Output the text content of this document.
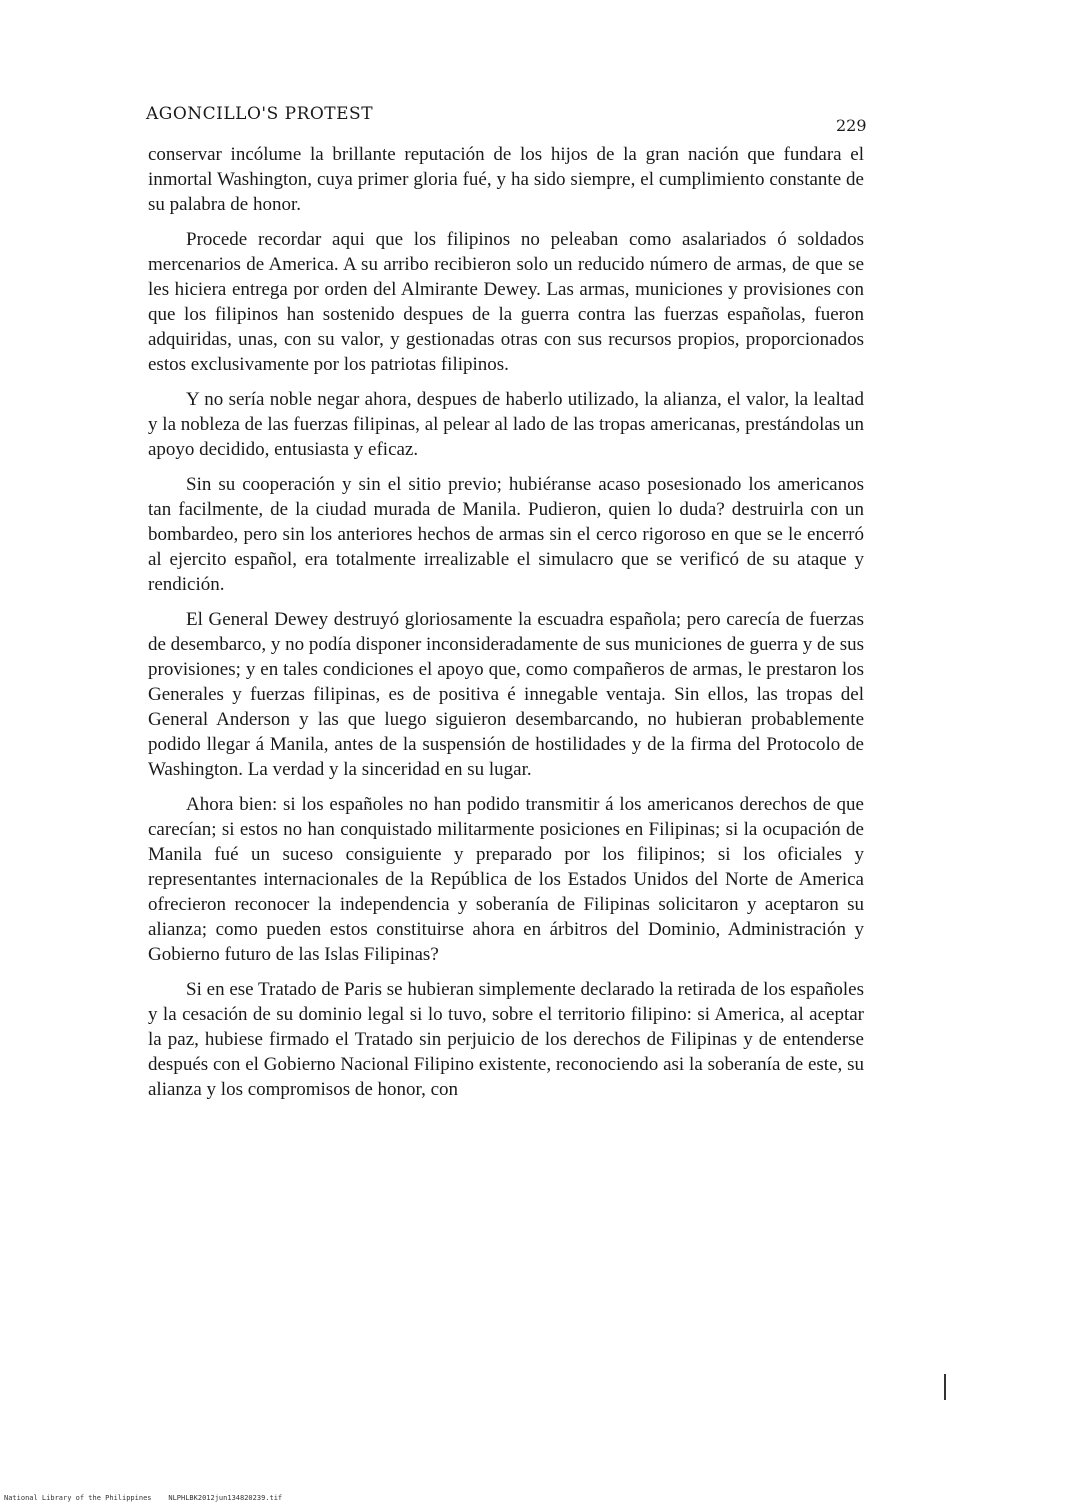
AGONCILLO'S PROTEST
229

conservar incólume la brillante reputación de los hijos de la gran nación que fundara el inmortal Washington, cuya primer gloria fué, y ha sido siempre, el cumplimiento constante de su palabra de honor.

Procede recordar aqui que los filipinos no peleaban como asalariados ó soldados mercenarios de America. A su arribo recibieron solo un reducido número de armas, de que se les hiciera entrega por orden del Almirante Dewey. Las armas, municiones y provisiones con que los filipinos han sostenido despues de la guerra contra las fuerzas españolas, fueron adquiridas, unas, con su valor, y gestionadas otras con sus recursos propios, proporcionados estos exclusivamente por los patriotas filipinos.

Y no sería noble negar ahora, despues de haberlo utilizado, la alianza, el valor, la lealtad y la nobleza de las fuerzas filipinas, al pelear al lado de las tropas americanas, prestándolas un apoyo decidido, entusiasta y eficaz.

Sin su cooperación y sin el sitio previo; hubiéranse acaso posesionado los americanos tan facilmente, de la ciudad murada de Manila. Pudieron, quien lo duda? destruirla con un bombardeo, pero sin los anteriores hechos de armas sin el cerco rigoroso en que se le encerró al ejercito español, era totalmente irrealizable el simulacro que se verificó de su ataque y rendición.

El General Dewey destruyó gloriosamente la escuadra española; pero carecía de fuerzas de desembarco, y no podía disponer inconsideradamente de sus municiones de guerra y de sus provisiones; y en tales condiciones el apoyo que, como compañeros de armas, le prestaron los Generales y fuerzas filipinas, es de positiva é innegable ventaja. Sin ellos, las tropas del General Anderson y las que luego siguieron desembarcando, no hubieran probablemente podido llegar á Manila, antes de la suspensión de hostilidades y de la firma del Protocolo de Washington. La verdad y la sinceridad en su lugar.

Ahora bien: si los españoles no han podido transmitir á los americanos derechos de que carecían; si estos no han conquistado militarmente posiciones en Filipinas; si la ocupación de Manila fué un suceso consiguiente y preparado por los filipinos; si los oficiales y representantes internacionales de la República de los Estados Unidos del Norte de America ofrecieron reconocer la independencia y soberanía de Filipinas solicitaron y aceptaron su alianza; como pueden estos constituirse ahora en árbitros del Dominio, Administración y Gobierno futuro de las Islas Filipinas?

Si en ese Tratado de Paris se hubieran simplemente declarado la retirada de los españoles y la cesación de su dominio legal si lo tuvo, sobre el territorio filipino: si America, al aceptar la paz, hubiese firmado el Tratado sin perjuicio de los derechos de Filipinas y de entenderse después con el Gobierno Nacional Filipino existente, reconociendo asi la soberanía de este, su alianza y los compromisos de honor, con

National Library of the Philippines    NLPHLBK2012jun134820239.tif
